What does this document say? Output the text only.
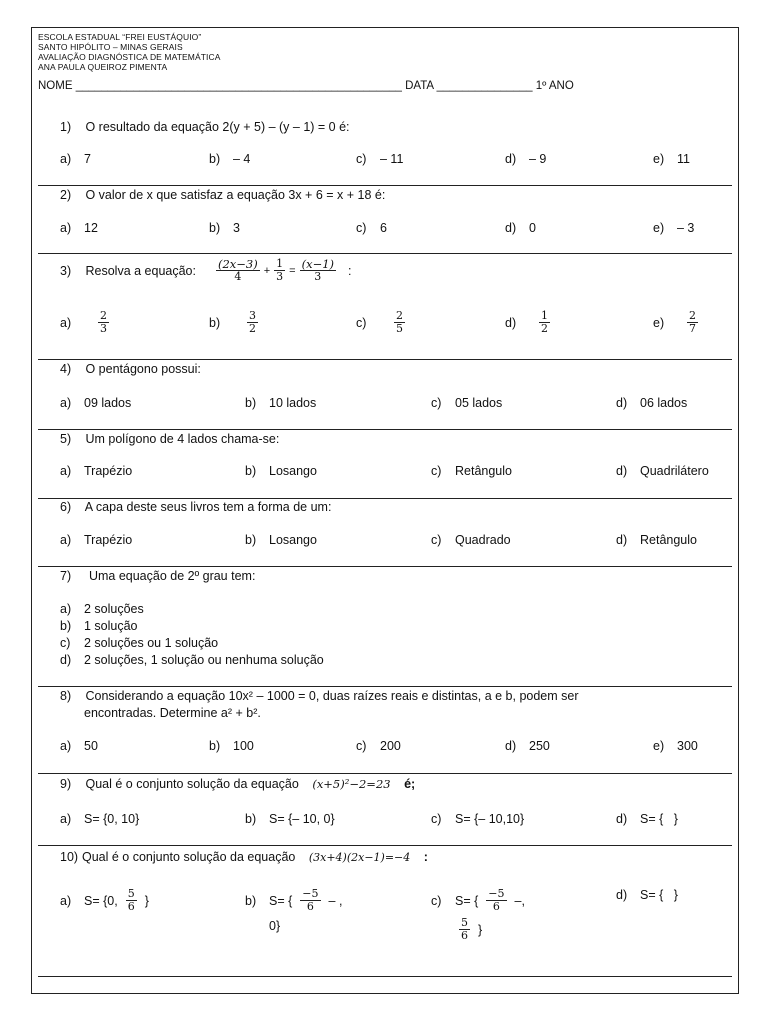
ESCOLA ESTADUAL “FREI EUSTÁQUIO”
SANTO HIPÓLITO – MINAS GERAIS
AVALIAÇÃO DIAGNÓSTICA DE MATEMÁTICA
ANA PAULA QUEIROZ PIMENTA
NOME ___________________________________________________ DATA _______________ 1º ANO
1) O resultado da equação 2(y + 5) – (y – 1) = 0 é:
a) 7	b) – 4	c) – 11	d) – 9	e) 11
2) O valor de x que satisfaz a equação 3x + 6 = x + 18 é:
a) 12	b) 3	c) 6	d) 0	e) – 3
3)
	Resolva a equação: $\frac{(2x-3)}{4} + \frac{1}{3} = \frac{(x-1)}{3}$ :
a)	$\frac{2}{3}$	b)	$\frac{3}{2}$	c)	$\frac{2}{5}$	d)	$\frac{1}{2}$	e)	$\frac{2}{7}$
4) O pentágono possui:
a) 09 lados	b) 10 lados	c) 05 lados	d) 06 lados
5) Um polígono de 4 lados chama-se:
a) Trapézio	b) Losango	c) Retângulo	d) Quadrilátero
6) A capa deste seus livros tem a forma de um:
a) Trapézio	b) Losango	c) Quadrado	d) Retângulo
7) Uma equação de 2º grau tem:
a) 2 soluções
b) 1 solução
c) 2 soluções ou 1 solução
d) 2 soluções, 1 solução ou nenhuma solução
8) Considerando a equação 10x² – 1000 = 0, duas raízes reais e distintas, a e b, podem ser
encontradas. Determine a² + b².
a) 50	b) 100	c) 200	d) 250	e) 300
9) Qual é o conjunto solução da equação (x+5)²−2=23 é;
a) S= {0, 10}	b) S= {– 10, 0}	c) S= {– 10,10}	d) S= {   }
10) Qual é o conjunto solução da equação (3x+4)(2x−1)=−4 :
a)	S= {0, $\frac{5}{6}$ }	b)	S= { $\frac{-5}{6}$ – ,
0}
c)	S= { $\frac{-5}{6}$ –,
$\frac{5}{6}$ }
d) S= {   }
